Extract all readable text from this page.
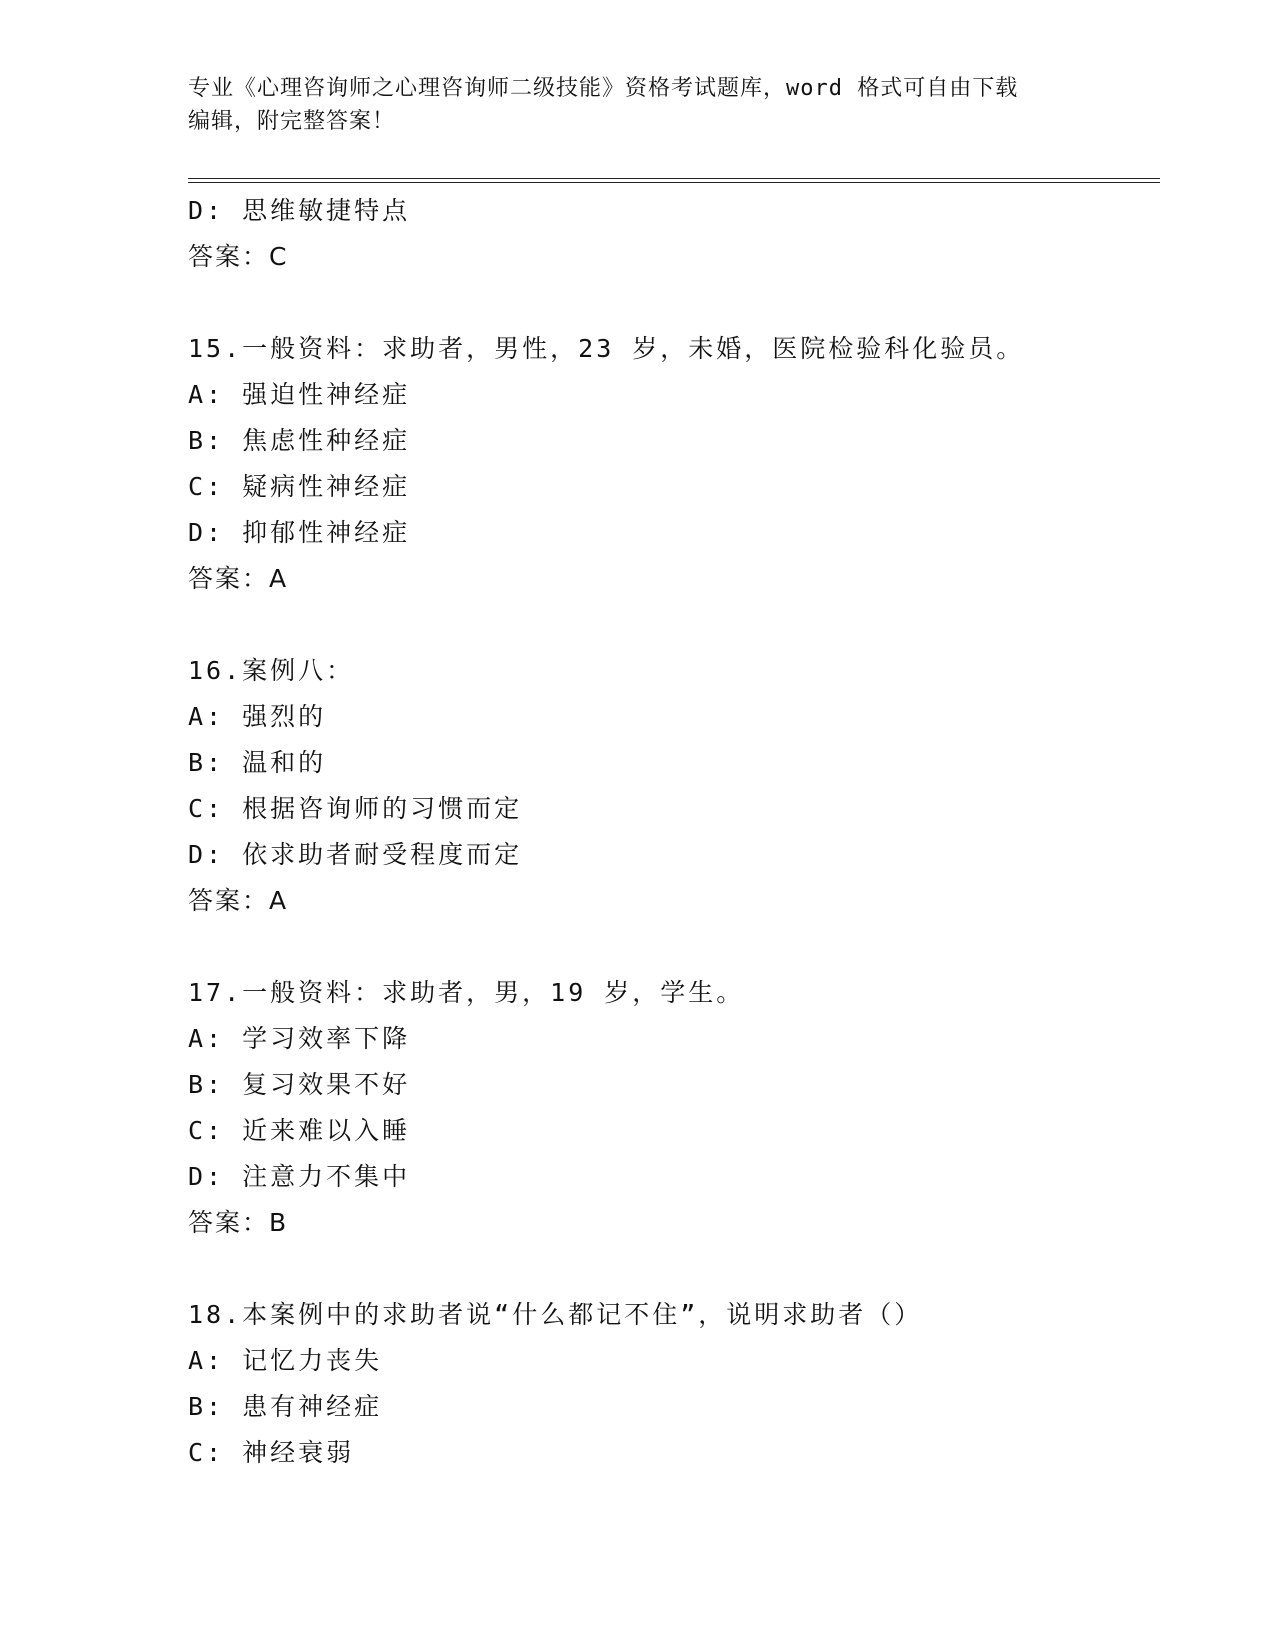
专业《心理咨询师之心理咨询师二级技能》资格考试题库，word 格式可自由下载
编辑，附完整答案！
D: 思维敏捷特点
答案：C
15.一般资料：求助者，男性，23 岁，未婚，医院检验科化验员。
A: 强迫性神经症
B: 焦虑性种经症
C: 疑病性神经症
D: 抑郁性神经症
答案：A
16.案例八：
A: 强烈的
B: 温和的
C: 根据咨询师的习惯而定
D: 依求助者耐受程度而定
答案：A
17.一般资料：求助者，男，19 岁，学生。
A: 学习效率下降
B: 复习效果不好
C: 近来难以入睡
D: 注意力不集中
答案：B
18.本案例中的求助者说“什么都记不住”，说明求助者（）
A: 记忆力丧失
B: 患有神经症
C: 神经衰弱
